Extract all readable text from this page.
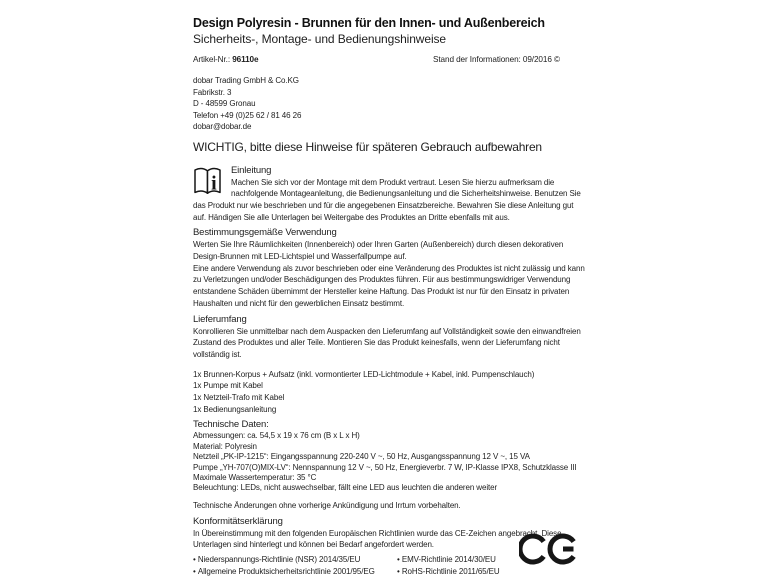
Design Polyresin - Brunnen für den Innen- und Außenbereich
Sicherheits-, Montage- und Bedienungshinweise
Artikel-Nr.: 96110e	Stand der Informationen: 09/2016 ©
dobar Trading GmbH & Co.KG
Fabrikstr. 3
D - 48599 Gronau
Telefon +49 (0)25 62 / 81 46 26
dobar@dobar.de
WICHTIG, bitte diese Hinweise für späteren Gebrauch aufbewahren
i
Einleitung
Machen Sie sich vor der Montage mit dem Produkt vertraut. Lesen Sie hierzu aufmerksam die nachfolgende Montageanleitung, die Bedienungsanleitung und die Sicherheitshinweise. Benutzen Sie das Produkt nur wie beschrieben und für die angegebenen Einsatzbereiche. Bewahren Sie diese Anleitung gut auf. Händigen Sie alle Unterlagen bei Weitergabe des Produktes an Dritte ebenfalls mit aus.
Bestimmungsgemäße Verwendung
Werten Sie Ihre Räumlichkeiten (Innenbereich) oder Ihren Garten (Außenbereich) durch diesen dekorativen Design-Brunnen mit LED-Lichtspiel und Wasserfallpumpe auf.
Eine andere Verwendung als zuvor beschrieben oder eine Veränderung des Produktes ist nicht zulässig und kann zu Verletzungen und/oder Beschädigungen des Produktes führen. Für aus bestimmungswidriger Verwendung entstandene Schäden übernimmt der Hersteller keine Haftung. Das Produkt ist nur für den Einsatz in privaten Haushalten und nicht für den gewerblichen Einsatz bestimmt.
Lieferumfang
Konrollieren Sie unmittelbar nach dem Auspacken den Lieferumfang auf Vollständigkeit sowie den einwandfreien Zustand des Produktes und aller Teile. Montieren Sie das Produkt keinesfalls, wenn der Lieferumfang nicht vollständig ist.
1x Brunnen-Korpus + Aufsatz (inkl. vormontierter LED-Lichtmodule + Kabel, inkl. Pumpenschlauch)
1x Pumpe mit Kabel
1x Netzteil-Trafo mit Kabel
1x Bedienungsanleitung
Technische Daten:
Abmessungen: ca. 54,5 x 19 x 76 cm (B x L x H)
Material: Polyresin
Netzteil „PK-IP-1215“: Eingangsspannung 220-240 V ~, 50 Hz, Ausgangsspannung 12 V ~, 15 VA
Pumpe „YH-707(O)MIX-LV“: Nennspannung 12 V ~, 50 Hz, Energieverbr. 7 W, IP-Klasse IPX8, Schutzklasse III
Maximale Wassertemperatur: 35 °C
Beleuchtung: LEDs, nicht auswechselbar, fällt eine LED aus leuchten die anderen weiter
Technische Änderungen ohne vorherige Ankündigung und Irrtum vorbehalten.
Konformitätserklärung
In Übereinstimmung mit den folgenden Europäischen Richtlinien wurde das CE-Zeichen angebracht. Diese Unterlagen sind hinterlegt und können bei Bedarf angefordert werden.
• Niederspannungs-Richtlinie (NSR) 2014/35/EU
• Allgemeine Produktsicherheitsrichtlinie 2001/95/EG
• EMV-Richtlinie 2014/30/EU
• RoHS-Richtlinie 2011/65/EU
